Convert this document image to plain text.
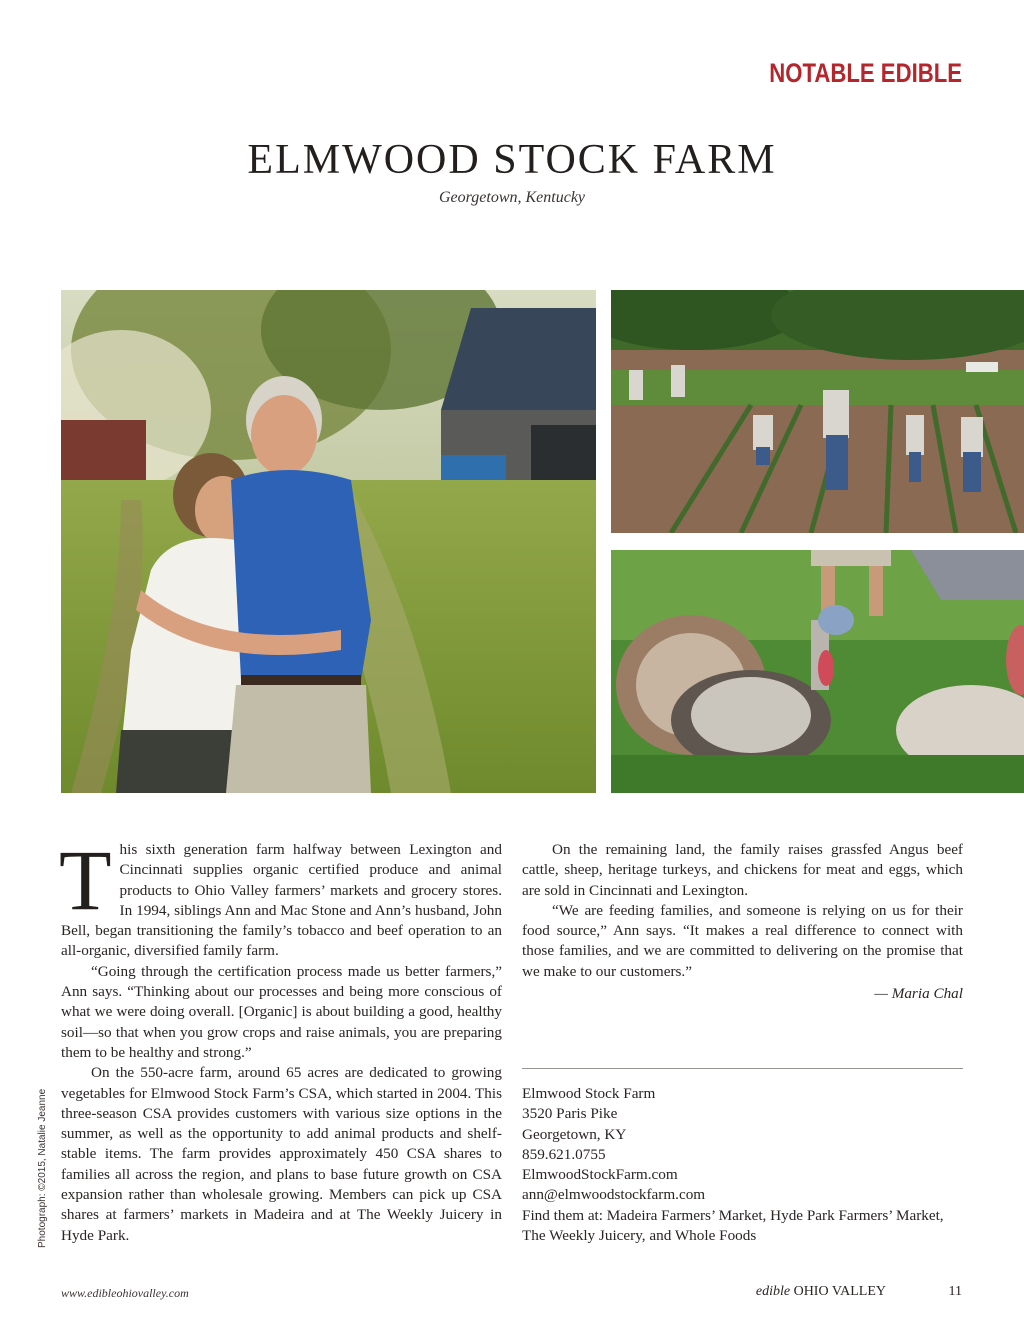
NOTABLE EDIBLE
ELMWOOD STOCK FARM
Georgetown, Kentucky

This sixth generation farm halfway between Lexington and Cincinnati supplies organic certified produce and animal products to Ohio Valley farmers’ markets and grocery stores. In 1994, siblings Ann and Mac Stone and Ann’s husband, John Bell, began transitioning the family’s tobacco and beef operation to an all-organic, diversified family farm.

“Going through the certification process made us better farmers,” Ann says. “Thinking about our processes and being more conscious of what we were doing overall. [Organic] is about building a good, healthy soil—so that when you grow crops and raise animals, you are preparing them to be healthy and strong.”

On the 550-acre farm, around 65 acres are dedicated to growing vegetables for Elmwood Stock Farm’s CSA, which started in 2004. This three-season CSA provides customers with various size options in the summer, as well as the opportunity to add animal products and shelf-stable items. The farm provides approximately 450 CSA shares to families all across the region, and plans to base future growth on CSA expansion rather than wholesale growing. Members can pick up CSA shares at farmers’ markets in Madeira and at The Weekly Juicery in Hyde Park.

On the remaining land, the family raises grassfed Angus beef cattle, sheep, heritage turkeys, and chickens for meat and eggs, which are sold in Cincinnati and Lexington.

“We are feeding families, and someone is relying on us for their food source,” Ann says. “It makes a real difference to connect with those families, and we are committed to delivering on the promise that we make to our customers.”

— Maria Chal
Elmwood Stock Farm
3520 Paris Pike
Georgetown, KY
859.621.0755
ElmwoodStockFarm.com
ann@elmwoodstockfarm.com
Find them at: Madeira Farmers’ Market, Hyde Park Farmers’ Market, The Weekly Juicery, and Whole Foods
Photograph: ©2015, Natalie Jeanne
www.edibleohiovalley.com	edible OHIO VALLEY	11
